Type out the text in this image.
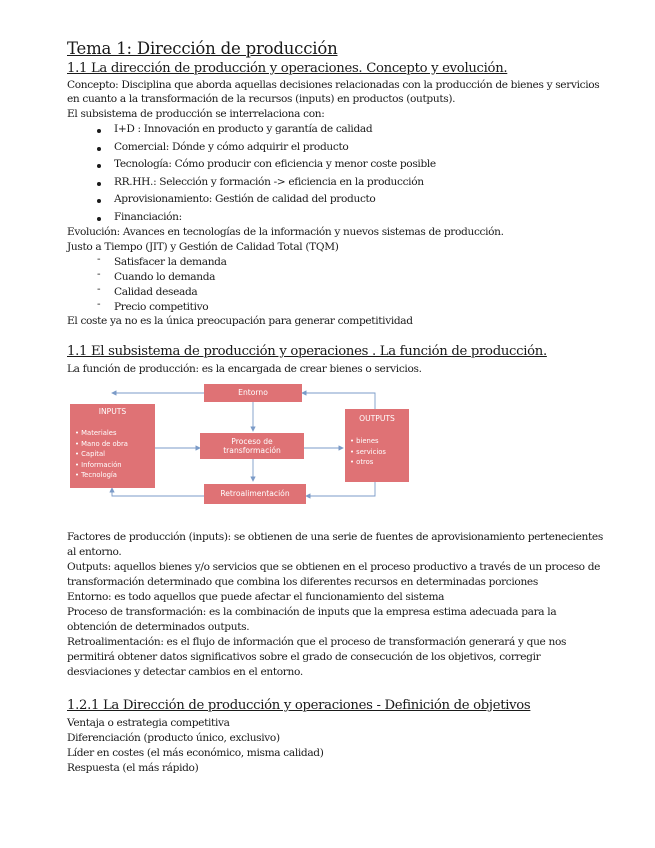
Tema 1: Dirección de producción
1.1 La dirección de producción y operaciones. Concepto y evolución.
Concepto: Disciplina que aborda aquellas decisiones relacionadas con la producción de bienes y servicios
en cuanto a la transformación de la recursos (inputs) en productos (outputs).
El subsistema de producción se interrelaciona con:
I+D : Innovación en producto y garantía de calidad
Comercial: Dónde y cómo adquirir el producto
Tecnología: Cómo producir con eficiencia y menor coste posible
RR.HH.: Selección y formación -> eficiencia en la producción
Aprovisionamiento: Gestión de calidad del producto
Financiación:
Evolución: Avances en tecnologías de la información y nuevos sistemas de producción.
Justo a Tiempo (JIT) y Gestión de Calidad Total (TQM)
- Satisfacer la demanda
- Cuando lo demanda
- Calidad deseada
- Precio competitivo
El coste ya no es la única preocupación para generar competitividad
1.1 El subsistema de producción y operaciones . La función de producción.
La función de producción: es la encargada de crear bienes o servicios.
Entorno
INPUTS
• Materiales
• Mano de obra
• Capital
• Información
• Tecnología
Proceso de
transformación
OUTPUTS
• bienes
• servicios
• otros
Retroalimentación
Factores de producción (inputs): se obtienen de una serie de fuentes de aprovisionamiento pertenecientes
al entorno.
Outputs: aquellos bienes y/o servicios que se obtienen en el proceso productivo a través de un proceso de
transformación determinado que combina los diferentes recursos en determinadas porciones
Entorno: es todo aquellos que puede afectar el funcionamiento del sistema
Proceso de transformación: es la combinación de inputs que la empresa estima adecuada para la
obtención de determinados outputs.
Retroalimentación: es el flujo de información que el proceso de transformación generará y que nos
permitirá obtener datos significativos sobre el grado de consecución de los objetivos, corregir
desviaciones y detectar cambios en el entorno.
1.2.1 La Dirección de producción y operaciones - Definición de objetivos
Ventaja o estrategia competitiva
Diferenciación (producto único, exclusivo)
Líder en costes (el más económico, misma calidad)
Respuesta (el más rápido)
